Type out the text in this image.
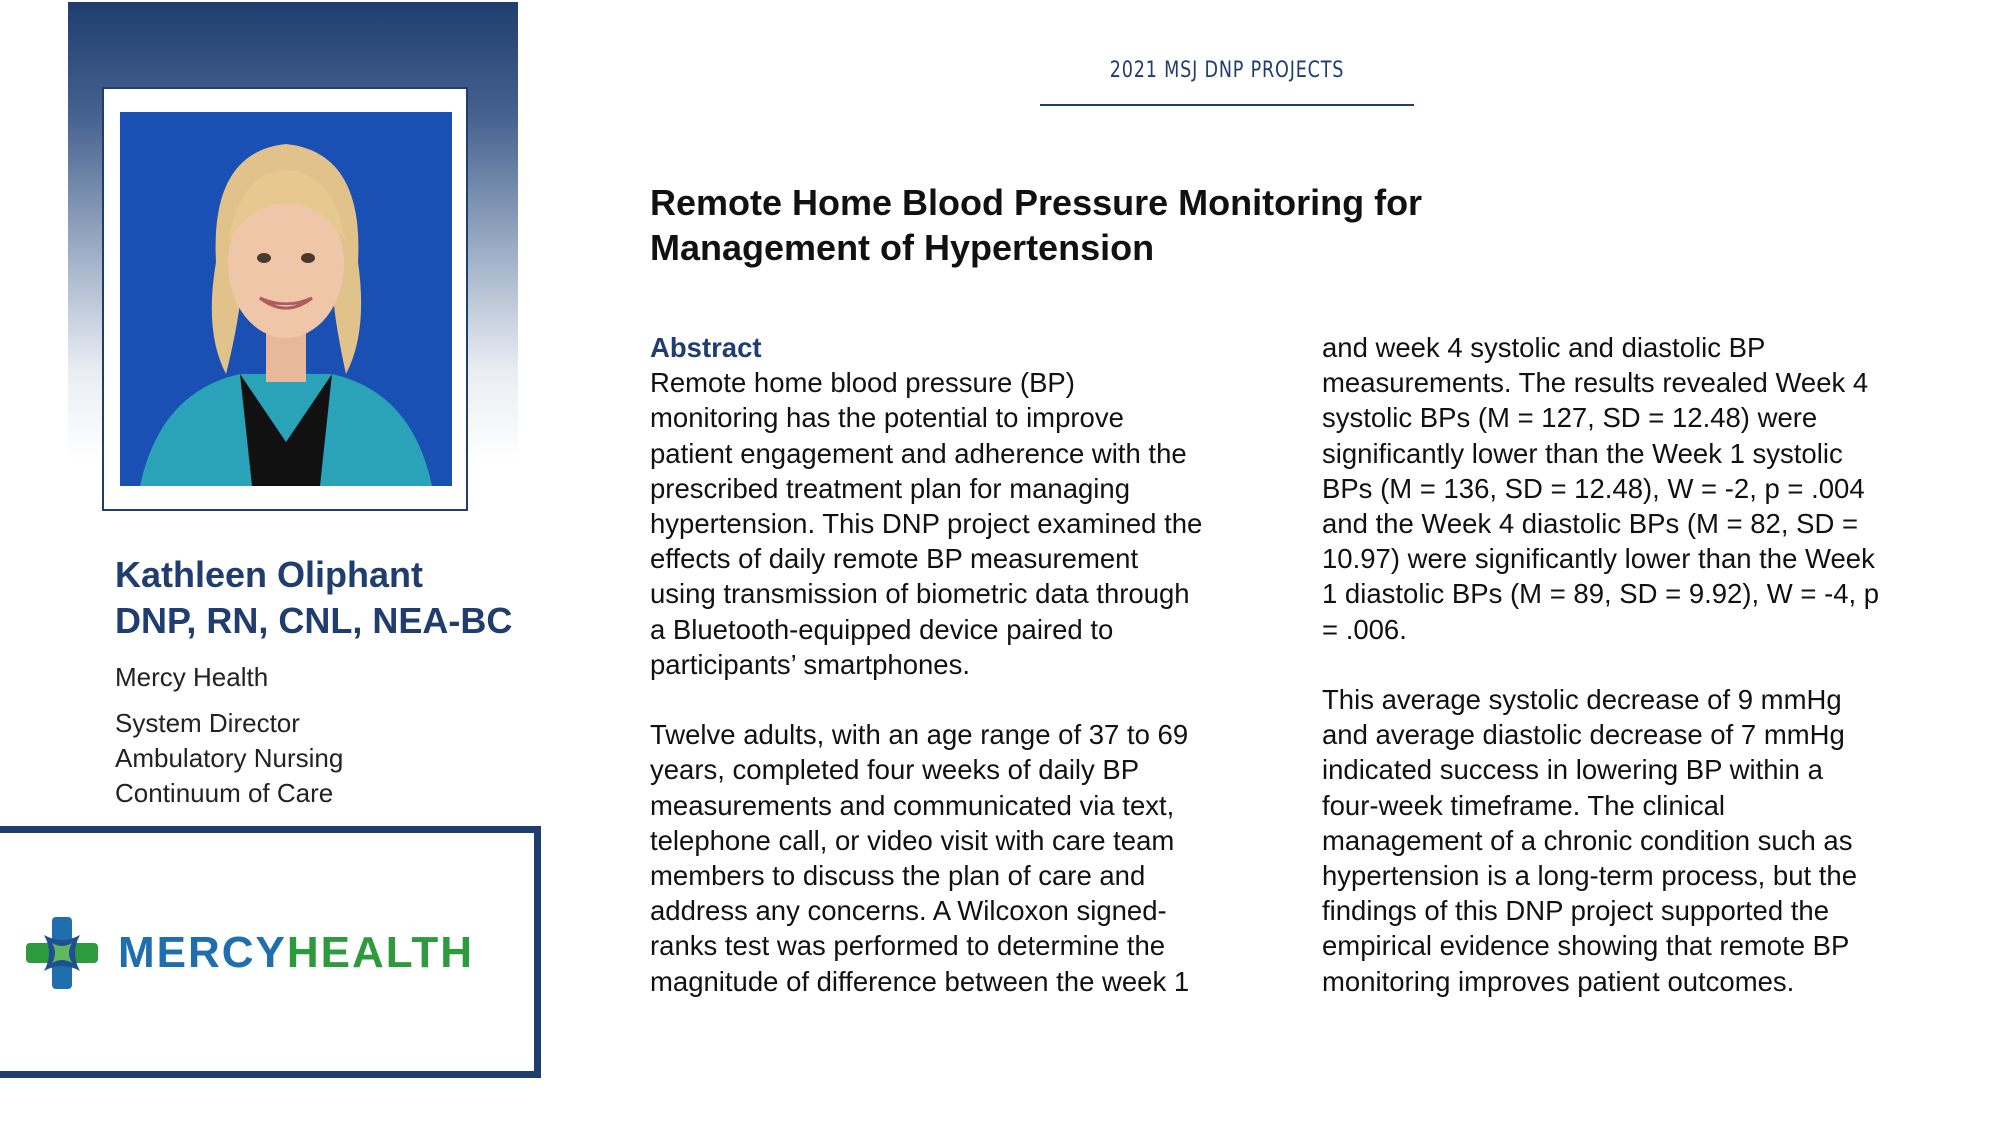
Kathleen Oliphant
DNP, RN, CNL, NEA-BC
Mercy Health
System Director
Ambulatory Nursing
Continuum of Care
MERCYHEALTH
2021 MSJ DNP PROJECTS
Remote Home Blood Pressure Monitoring for
Management of Hypertension

Abstract

Remote home blood pressure (BP)

monitoring has the potential to improve

patient engagement and adherence with the

prescribed treatment plan for managing

hypertension. This DNP project examined the

effects of daily remote BP measurement

using transmission of biometric data through

a Bluetooth-equipped device paired to

participants’ smartphones.

Twelve adults, with an age range of 37 to 69

years, completed four weeks of daily BP

measurements and communicated via text,

telephone call, or video visit with care team

members to discuss the plan of care and

address any concerns. A Wilcoxon signed-

ranks test was performed to determine the

magnitude of difference between the week 1

and week 4 systolic and diastolic BP

measurements. The results revealed Week 4

systolic BPs (M = 127, SD = 12.48) were

significantly lower than the Week 1 systolic

BPs (M = 136, SD = 12.48), W = -2, p = .004

and the Week 4 diastolic BPs (M = 82, SD =

10.97) were significantly lower than the Week

1 diastolic BPs (M = 89, SD = 9.92), W = -4, p

= .006.

This average systolic decrease of 9 mmHg

and average diastolic decrease of 7 mmHg

indicated success in lowering BP within a

four-week timeframe. The clinical

management of a chronic condition such as

hypertension is a long-term process, but the

findings of this DNP project supported the

empirical evidence showing that remote BP

monitoring improves patient outcomes.
